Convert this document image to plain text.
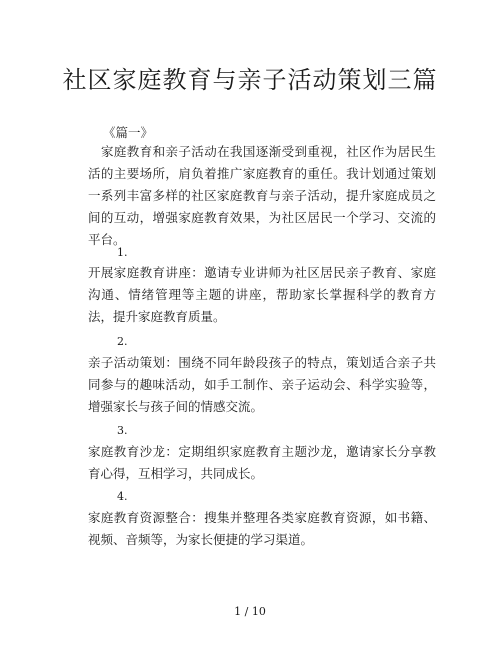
社区家庭教育与亲子活动策划三篇

《篇一》

家庭教育和亲子活动在我国逐渐受到重视，社区作为居民生活的主要场所，肩负着推广家庭教育的重任。我计划通过策划一系列丰富多样的社区家庭教育与亲子活动，提升家庭成员之间的互动，增强家庭教育效果，为社区居民一个学习、交流的平台。

1.

开展家庭教育讲座：邀请专业讲师为社区居民亲子教育、家庭沟通、情绪管理等主题的讲座，帮助家长掌握科学的教育方法，提升家庭教育质量。

2.

亲子活动策划：围绕不同年龄段孩子的特点，策划适合亲子共同参与的趣味活动，如手工制作、亲子运动会、科学实验等，增强家长与孩子间的情感交流。

3.

家庭教育沙龙：定期组织家庭教育主题沙龙，邀请家长分享教育心得，互相学习，共同成长。

4.

家庭教育资源整合：搜集并整理各类家庭教育资源，如书籍、视频、音频等，为家长便捷的学习渠道。

1 / 10
